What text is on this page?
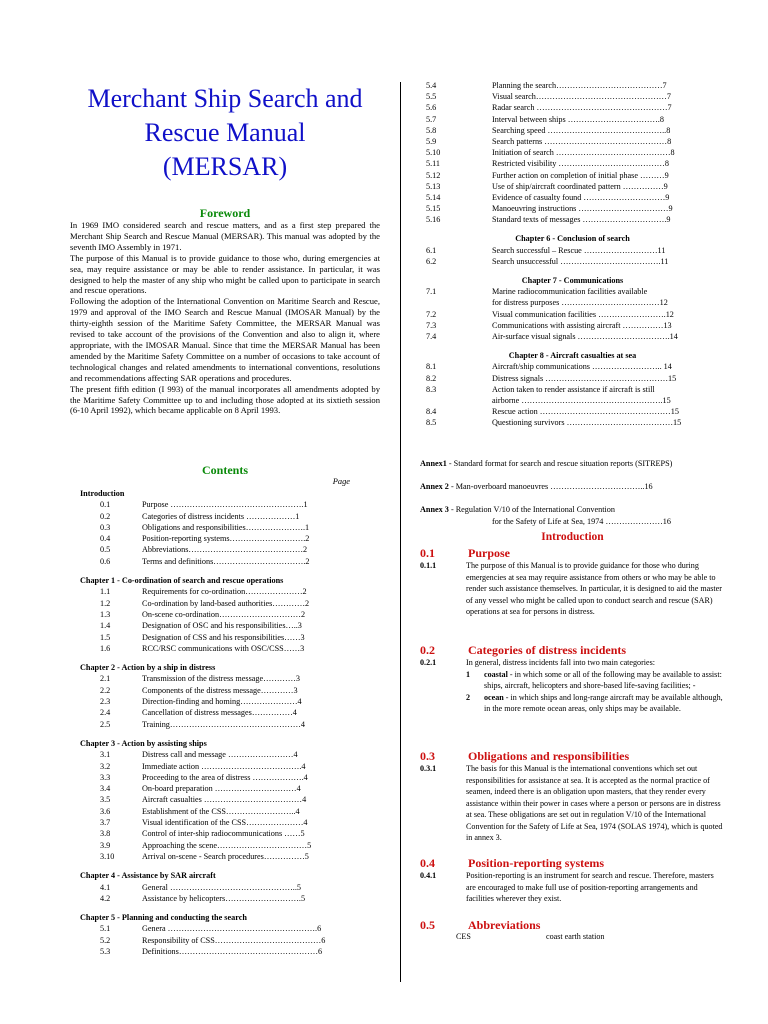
Merchant Ship Search and
Rescue Manual
(MERSAR)
Foreword

In 1969 IMO considered search and rescue matters, and as a first step prepared the Merchant Ship Search and Rescue Manual (MERSAR). This manual was adopted by the seventh IMO Assembly in 1971.

The purpose of this Manual is to provide guidance to those who, during emergencies at sea, may require assistance or may be able to render assistance. In particular, it was designed to help the master of any ship who might be called upon to participate in search and rescue operations.

Following the adoption of the International Convention on Maritime Search and Rescue, 1979 and approval of the IMO Search and Rescue Manual (IMOSAR Manual) by the thirty-eighth session of the Maritime Safety Committee, the MERSAR Manual was revised to take account of the provisions of the Convention and also to align it, where appropriate, with the IMOSAR Manual. Since that time the MERSAR Manual has been amended by the Maritime Safety Committee on a number of occasions to take account of technological changes and related amendments to international conventions, resolutions and recommendations affecting SAR operations and procedures.

The present fifth edition (I 993) of the manual incorporates all amendments adopted by the Maritime Safety Committee up to and including those adopted at its sixtieth session (6-10 April 1992), which became applicable on 8 April 1993.

Contents
Page
Introduction
0.1	Purpose ………………………………………….1
0.2	Categories of distress incidents ………………1
0.3	Obligations and responsibilities………………….1
0.4	Position-reporting systems……………………….2
0.5	Abbreviations……………………………………2
0.6	Terms and definitions…………………………….2
Chapter 1 - Co-ordination of search and rescue operations
1.1	Requirements for co-ordination…………………2
1.2	Co-ordination by land-based authorities…………2
1.3	On-scene co-ordination…………………………2
1.4	Designation of OSC and his responsibilities…..3
1.5	Designation of CSS and his responsibilities……3
1.6	RCC/RSC communications with OSC/CSS……3
Chapter 2 - Action by a ship in distress
2.1	Transmission of the distress message…………3
2.2	Components of the distress message…………3
2.3	Direction-finding and homing…………………4
2.4	Cancellation of distress messages……………4
2.5	Training…………………………………………4
Chapter 3 - Action by assisting ships
3.1	Distress call and message ……………………4
3.2	Immediate action ……………………………….4
3.3	Proceeding to the area of distress ……………….4
3.4	On-board preparation …………………………4
3.5	Aircraft casualties ………………………………4
3.6	Establishment of the CSS……………………..4
3.7	Visual identification of the CSS…………………4
3.8	Control of inter-ship radiocommunications ……5
3.9	Approaching the scene……………………………5
3.10	Arrival on-scene - Search procedures……………5
Chapter 4 - Assistance by SAR aircraft
4.1	General ………………………………………..5
4.2	Assistance by helicopters……………………….5
Chapter 5 - Planning and conducting the search
5.1	Genera ……………………………………………….6
5.2	Responsibility of CSS…………………………………6
5.3	Definitions……………………………………………6
5.4	Planning the search…………………………………7
5.5	Visual search…………………………………………7
5.6	Radar search …………………………………………7
5.7	Interval between ships …………………………….8
5.8	Searching speed ……………………………………..8
5.9	Search patterns ………………………………………8
5.10	Initiation of search ……………………………………8
5.11	Restricted visibility …………………………………8
5.12	Further action on completion of initial phase ………9
5.13	Use of ship/aircraft coordinated pattern ……………9
5.14	Evidence of casualty found …………………………9
5.15	Manoeuvring instructions ……………………………9
5.16	Standard texts of messages ………………………….9
Chapter 6 - Conclusion of search
6.1	Search successful – Rescue ………………………11
6.2	Search unsuccessful ……………………………….11
Chapter 7 - Communications
7.1	Marine radiocommunication facilities available
for distress purposes ………………………………12
7.2	Visual communication facilities …………………….12
7.3	Communications with assisting aircraft ……………13
7.4	Air-surface visual signals …………………………….14
Chapter 8 - Aircraft casualties at sea
8.1	Aircraft/ship communications …………………….. 14
8.2	Distress signals ………………………………………15
8.3	Action taken to render assistance if aircraft is still
airborne …………………………………………….15
8.4	Rescue action …………………………………………15
8.5	Questioning survivors …………………………………15
Annex1 - Standard format for search and rescue situation reports (SITREPS)
Annex 2 - Man-overboard manoeuvres ……………………………..16
Annex 3 - Regulation V/10 of the International Convention
for the Safety of Life at Sea, 1974 …………………16
Introduction
0.1	Purpose
0.1.1	The purpose of this Manual is to provide guidance for those who during emergencies at sea may require assistance from others or who may be able to render such assistance themselves. In particular, it is designed to aid the master of any vessel who might be called upon to conduct search and rescue (SAR) operations at sea for persons in distress.

0.2	Categories of distress incidents
0.2.1	In general, distress incidents fall into two main categories:

1 coastal - in which some or all of the following may be available to assist: ships, aircraft, helicopters and shore-based life-saving facilities; -
2 ocean - in which ships and long-range aircraft may be available although, in the more remote ocean areas, only ships may be available.
0.3	Obligations and responsibilities
0.3.1	The basis for this Manual is the international conventions which set out responsibilities for assistance at sea. It is accepted as the normal practice of seamen, indeed there is an obligation upon masters, that they render every assistance within their power in cases where a person or persons are in distress at sea. These obligations are set out in regulation V/10 of the International Convention for the Safety of Life at Sea, 1974 (SOLAS 1974), which is quoted in annex 3.

0.4	Position-reporting systems
0.4.1	Position-reporting is an instrument for search and rescue. Therefore, masters are encouraged to make full use of position-reporting arrangements and facilities wherever they exist.

0.5	Abbreviations
CES	coast earth station
